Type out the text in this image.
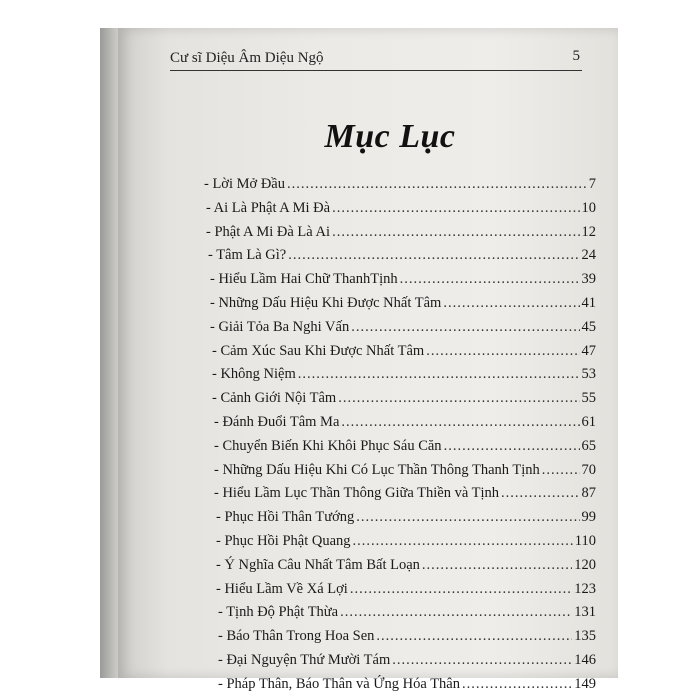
Cư sĩ Diệu Âm Diệu Ngộ	5
Mục Lục
- Lời Mở Đầu .....	7
- Ai Là Phật A Mi Đà .....	10
- Phật A Mi Đà Là Ai .....	12
- Tâm Là Gì? .....	24
- Hiểu Lầm Hai Chữ ThanhTịnh .....	39
- Những Dấu Hiệu Khi Được Nhất Tâm .....	41
- Giải Tỏa Ba Nghi Vấn .....	45
- Cảm Xúc Sau Khi Được Nhất Tâm .....	47
- Không Niệm .....	53
- Cảnh Giới Nội Tâm .....	55
- Đánh Đuổi Tâm Ma .....	61
- Chuyển Biến Khi Khôi Phục Sáu Căn .....	65
- Những Dấu Hiệu Khi Có Lục Thần Thông Thanh Tịnh .....	70
- Hiểu Lầm Lục Thần Thông Giữa Thiền và Tịnh .....	87
- Phục Hồi Thân Tướng .....	99
- Phục Hồi Phật Quang .....	110
- Ý Nghĩa Câu Nhất Tâm Bất Loạn .....	120
- Hiểu Lầm Về Xá Lợi .....	123
- Tịnh Độ Phật Thừa .....	131
- Báo Thân Trong Hoa Sen .....	135
- Đại Nguyện Thứ Mười Tám .....	146
- Pháp Thân, Báo Thân và Ứng Hóa Thân .....	149
